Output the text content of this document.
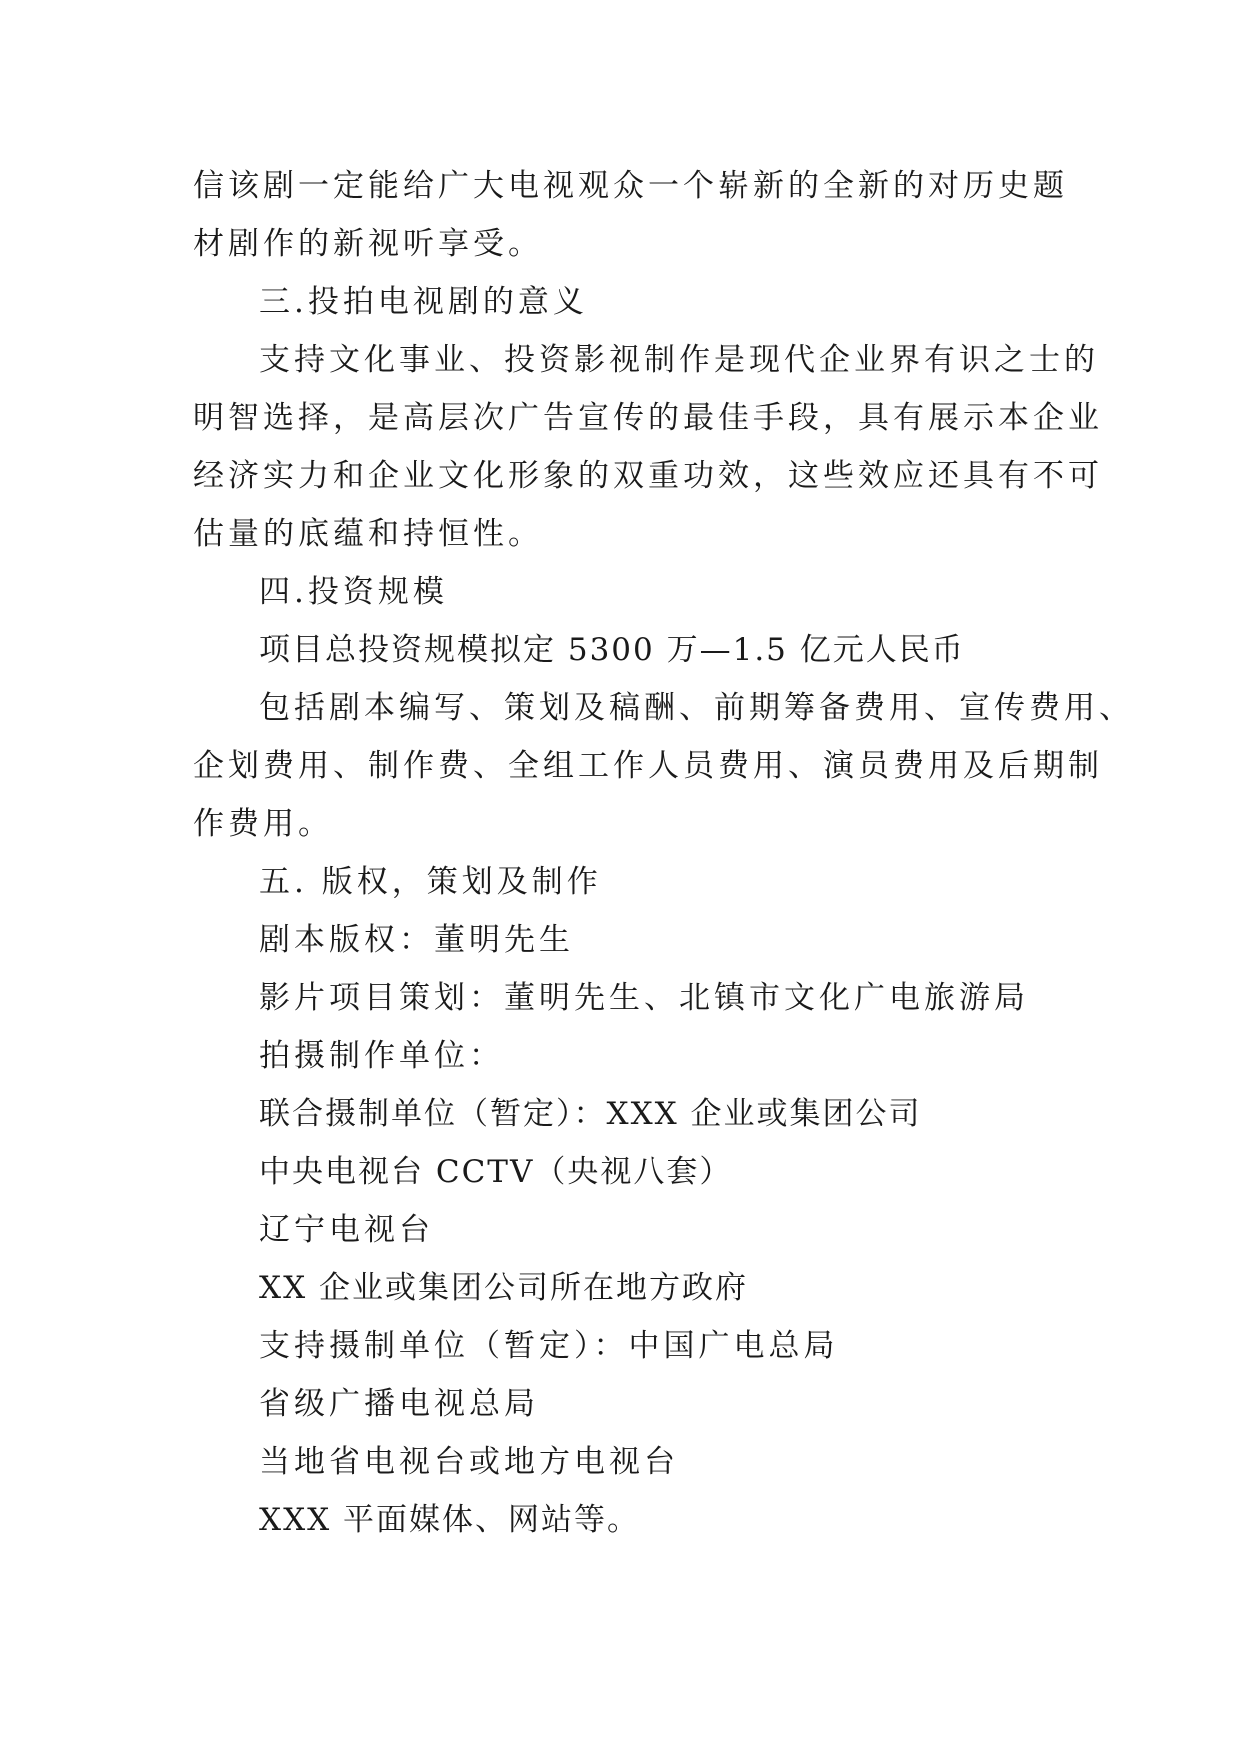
信该剧一定能给广大电视观众一个崭新的全新的对历史题
材剧作的新视听享受。
三.投拍电视剧的意义
支持文化事业、投资影视制作是现代企业界有识之士的
明智选择，是高层次广告宣传的最佳手段，具有展示本企业
经济实力和企业文化形象的双重功效，这些效应还具有不可
估量的底蕴和持恒性。
四.投资规模
项目总投资规模拟定 5300 万—1.5 亿元人民币
包括剧本编写、策划及稿酬、前期筹备费用、宣传费用、
企划费用、制作费、全组工作人员费用、演员费用及后期制
作费用。
五. 版权，策划及制作
剧本版权：董明先生
影片项目策划：董明先生、北镇市文化广电旅游局
拍摄制作单位：
联合摄制单位（暂定）：XXX 企业或集团公司
中央电视台 CCTV（央视八套）
辽宁电视台
XX 企业或集团公司所在地方政府
支持摄制单位（暂定）：中国广电总局
省级广播电视总局
当地省电视台或地方电视台
XXX 平面媒体、网站等。
